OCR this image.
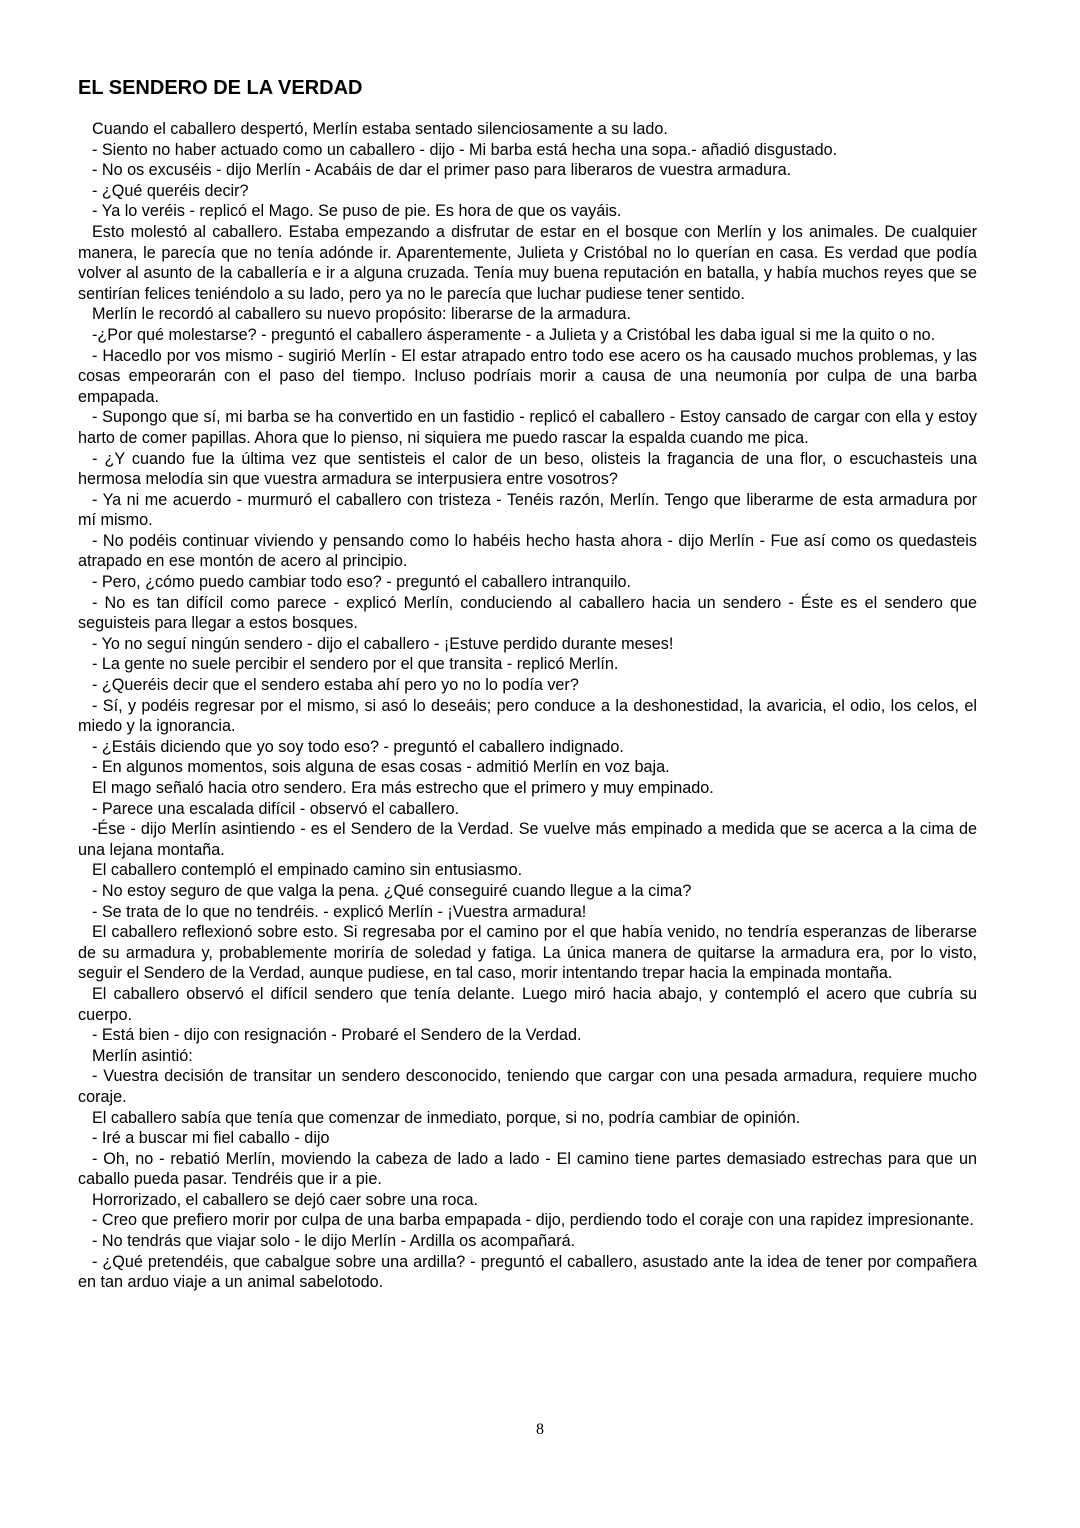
EL SENDERO DE LA VERDAD

Cuando el caballero despertó, Merlín estaba sentado silenciosamente a su lado.

- Siento no haber actuado como un caballero - dijo - Mi barba está hecha una sopa.- añadió disgustado.

- No os excuséis - dijo Merlín - Acabáis de dar el primer paso para liberaros de vuestra armadura.

- ¿Qué queréis decir?

- Ya lo veréis - replicó el Mago. Se puso de pie. Es hora de que os vayáis.

Esto molestó al caballero. Estaba empezando a disfrutar de estar en el bosque con Merlín y los animales. De cualquier manera, le parecía que no tenía adónde ir. Aparentemente, Julieta y Cristóbal no lo querían en casa. Es verdad que podía volver al asunto de la caballería e ir a alguna cruzada. Tenía muy buena reputación en batalla, y había muchos reyes que se sentirían felices teniéndolo a su lado, pero ya no le parecía que luchar pudiese tener sentido.

Merlín le recordó al caballero su nuevo propósito: liberarse de la armadura.

-¿Por qué molestarse? - preguntó el caballero ásperamente - a Julieta y a Cristóbal les daba igual si me la quito o no.

- Hacedlo por vos mismo - sugirió Merlín - El estar atrapado entro todo ese acero os ha causado muchos problemas, y las cosas empeorarán con el paso del tiempo. Incluso podríais morir a causa de una neumonía por culpa de una barba empapada.

- Supongo que sí, mi barba se ha convertido en un fastidio - replicó el caballero - Estoy cansado de cargar con ella y estoy harto de comer papillas. Ahora que lo pienso, ni siquiera me puedo rascar la espalda cuando me pica.

- ¿Y cuando fue la última vez que sentisteis el calor de un beso, olisteis la fragancia de una flor, o escuchasteis una hermosa melodía sin que vuestra armadura se interpusiera entre vosotros?

- Ya ni me acuerdo - murmuró el caballero con tristeza - Tenéis razón, Merlín. Tengo que liberarme de esta armadura por mí mismo.

- No podéis continuar viviendo y pensando como lo habéis hecho hasta ahora - dijo Merlín - Fue así como os quedasteis atrapado en ese montón de acero al principio.

- Pero, ¿cómo puedo cambiar todo eso? - preguntó el caballero intranquilo.

- No es tan difícil como parece - explicó Merlín, conduciendo al caballero hacia un sendero - Éste es el sendero que seguisteis para llegar a estos bosques.

- Yo no seguí ningún sendero - dijo el caballero - ¡Estuve perdido durante meses!

- La gente no suele percibir el sendero por el que transita - replicó Merlín.

- ¿Queréis decir que el sendero estaba ahí pero yo no lo podía ver?

- Sí, y podéis regresar por el mismo, si asó lo deseáis; pero conduce a la deshonestidad, la avaricia, el odio, los celos, el miedo y la ignorancia.

- ¿Estáis diciendo que yo soy todo eso? - preguntó el caballero indignado.

- En algunos momentos, sois alguna de esas cosas - admitió Merlín en voz baja.

El mago señaló hacia otro sendero. Era más estrecho que el primero y muy empinado.

- Parece una escalada difícil - observó el caballero.

-Ése - dijo Merlín asintiendo - es el Sendero de la Verdad. Se vuelve más empinado a medida que se acerca a la cima de una lejana montaña.

El caballero contempló el empinado camino sin entusiasmo.

- No estoy seguro de que valga la pena. ¿Qué conseguiré cuando llegue a la cima?

- Se trata de lo que no tendréis. - explicó Merlín - ¡Vuestra armadura!

El caballero reflexionó sobre esto. Si regresaba por el camino por el que había venido, no tendría esperanzas de liberarse de su armadura y, probablemente moriría de soledad y fatiga. La única manera de quitarse la armadura era, por lo visto, seguir el Sendero de la Verdad, aunque pudiese, en tal caso, morir intentando trepar hacia la empinada montaña.

El caballero observó el difícil sendero que tenía delante. Luego miró hacia abajo, y contempló el acero que cubría su cuerpo.

- Está bien - dijo con resignación - Probaré el Sendero de la Verdad.

Merlín asintió:

- Vuestra decisión de transitar un sendero desconocido, teniendo que cargar con una pesada armadura, requiere mucho coraje.

El caballero sabía que tenía que comenzar de inmediato, porque, si no, podría cambiar de opinión.

- Iré a buscar mi fiel caballo - dijo

- Oh, no - rebatió Merlín, moviendo la cabeza de lado a lado - El camino tiene partes demasiado estrechas para que un caballo pueda pasar. Tendréis que ir a pie.

Horrorizado, el caballero se dejó caer sobre una roca.

- Creo que prefiero morir por culpa de una barba empapada - dijo, perdiendo todo el coraje con una rapidez impresionante.

- No tendrás que viajar solo - le dijo Merlín - Ardilla os acompañará.

- ¿Qué pretendéis, que cabalgue sobre una ardilla? - preguntó el caballero, asustado ante la idea de tener por compañera en tan arduo viaje a un animal sabelotodo.

8
